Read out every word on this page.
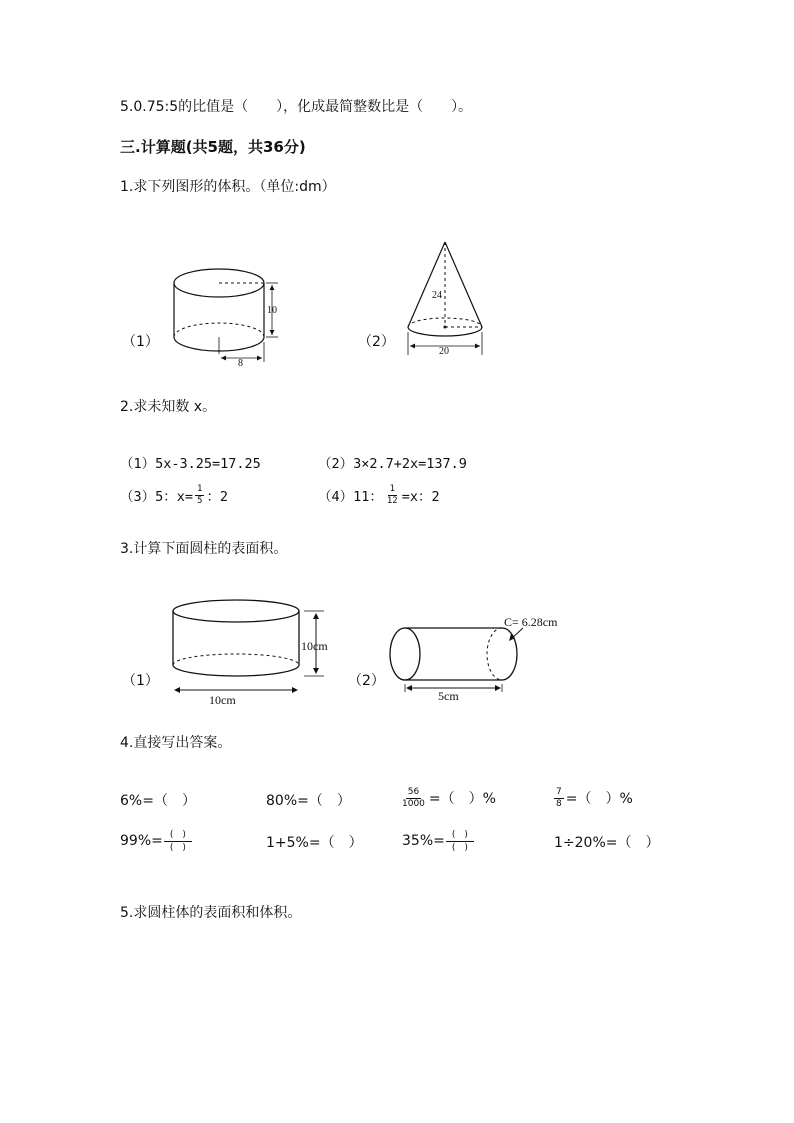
5.0.75:5的比值是（　　），化成最简整数比是（　　）。
三.计算题(共5题，共36分)
1.求下列图形的体积。（单位:dm）
（1）
10
8
（2）
24
20
2.求未知数 x。
（1）5x-3.25=17.25	（2）3×2.7+2x=137.9
（3）5：$x= \frac{1}{5}$ ：2	（4）11： $\frac{1}{12} =x$：2
3.计算下面圆柱的表面积。
（1）
10cm
10cm
（2）
C= 6.28cm
5cm
4.直接写出答案。
6%=（　）	80%=（　）	$\frac{56}{1000}$ =（　）%	$\frac{7}{8}$ =（　）%
$99\%= \frac{( )}{( )}$	1+5%=（　）	$35\%= \frac{( )}{( )}$	1÷20%=（　）
5.求圆柱体的表面积和体积。
